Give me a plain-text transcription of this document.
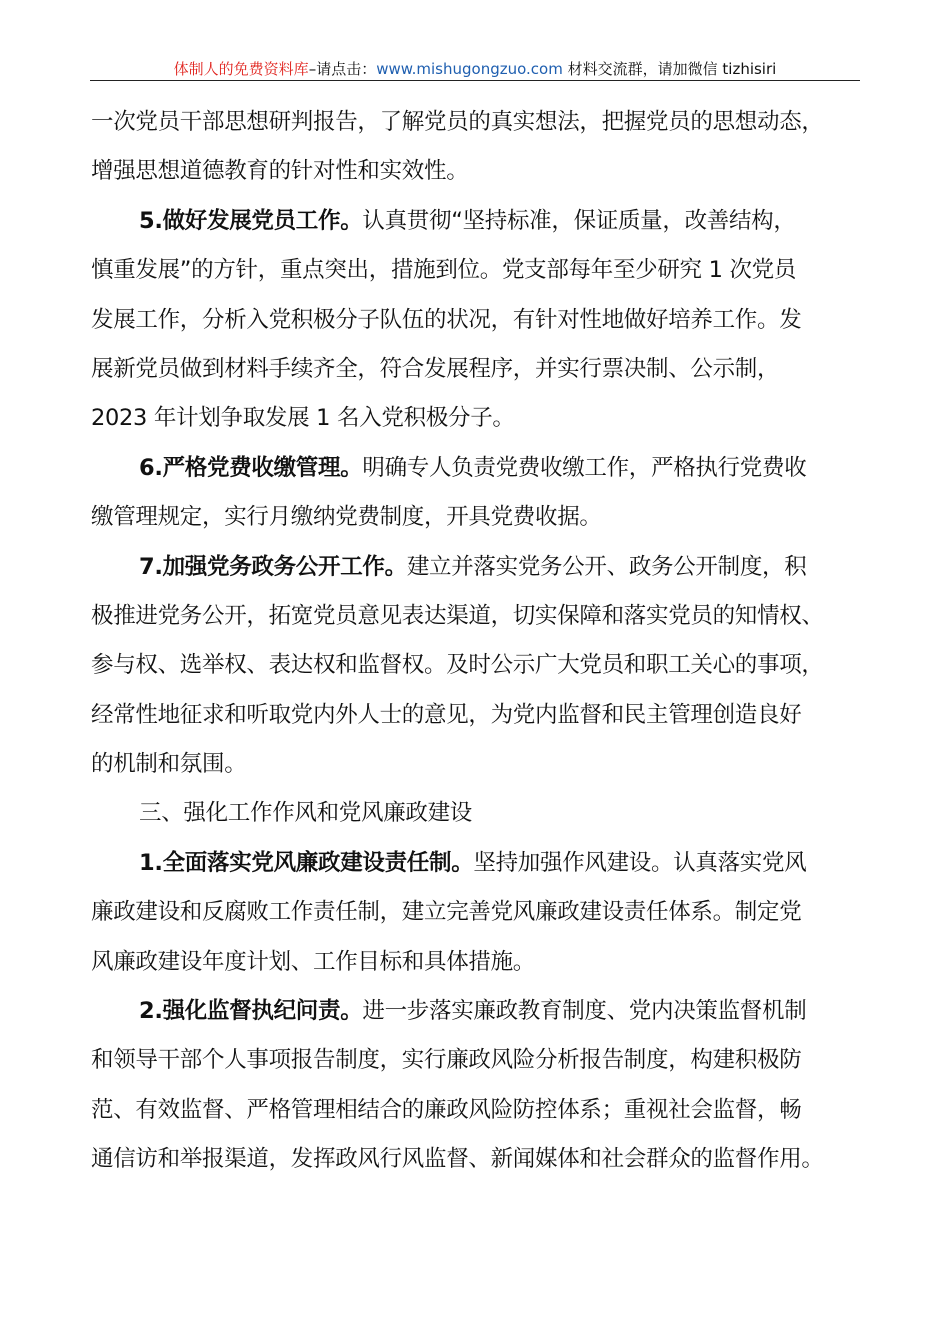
体制人的免费资料库–请点击：www.mishugongzuo.com 材料交流群，请加微信 tizhisiri
一次党员干部思想研判报告，了解党员的真实想法，把握党员的思想动态，
增强思想道德教育的针对性和实效性。
5.做好发展党员工作。认真贯彻“坚持标准，保证质量，改善结构，
慎重发展”的方针，重点突出，措施到位。党支部每年至少研究 1 次党员
发展工作，分析入党积极分子队伍的状况，有针对性地做好培养工作。发
展新党员做到材料手续齐全，符合发展程序，并实行票决制、公示制，
2023 年计划争取发展 1 名入党积极分子。
6.严格党费收缴管理。明确专人负责党费收缴工作，严格执行党费收
缴管理规定，实行月缴纳党费制度，开具党费收据。
7.加强党务政务公开工作。建立并落实党务公开、政务公开制度，积
极推进党务公开，拓宽党员意见表达渠道，切实保障和落实党员的知情权、
参与权、选举权、表达权和监督权。及时公示广大党员和职工关心的事项，
经常性地征求和听取党内外人士的意见，为党内监督和民主管理创造良好
的机制和氛围。
三、强化工作作风和党风廉政建设
1.全面落实党风廉政建设责任制。坚持加强作风建设。认真落实党风
廉政建设和反腐败工作责任制，建立完善党风廉政建设责任体系。制定党
风廉政建设年度计划、工作目标和具体措施。
2.强化监督执纪问责。进一步落实廉政教育制度、党内决策监督机制
和领导干部个人事项报告制度，实行廉政风险分析报告制度，构建积极防
范、有效监督、严格管理相结合的廉政风险防控体系；重视社会监督，畅
通信访和举报渠道，发挥政风行风监督、新闻媒体和社会群众的监督作用。
